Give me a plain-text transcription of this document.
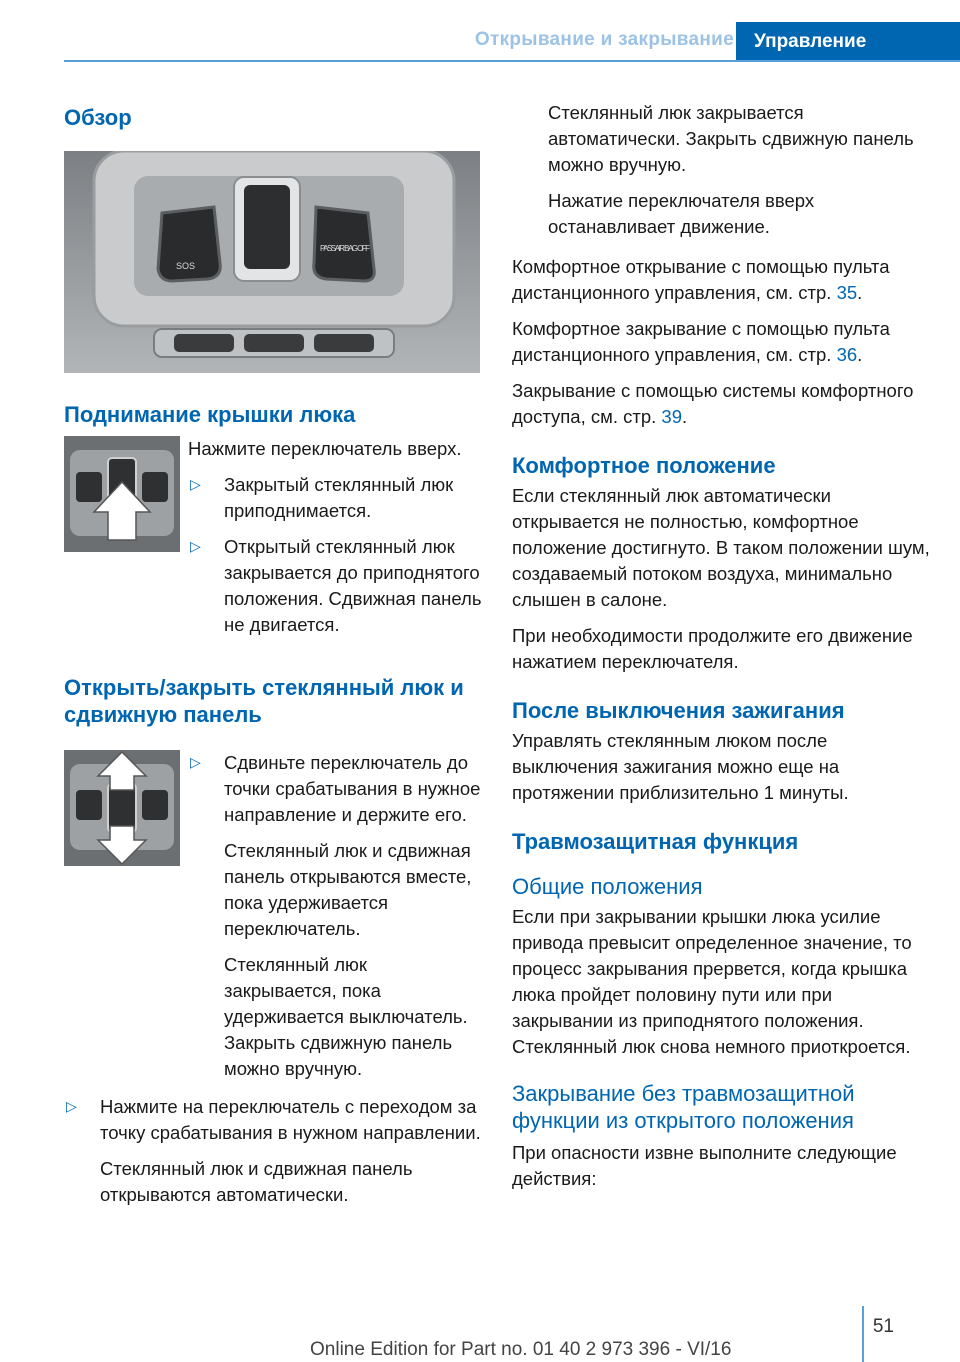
Открывание и закрывание	Управление
Обзор
SOS
PASS AIR BAG OFF
Поднимание крышки люка

Нажмите переключатель вверх.

▷ Закрытый стеклянный люк приподнимается.

▷ Открытый стеклянный люк закрывается до приподнятого положения. Сдвижная панель не двигается.

Открыть/закрыть стеклянный люк и сдвижную панель
▷ Сдвиньте переключатель до точки срабатывания в нужное направление и держите его.

Стеклянный люк и сдвижная панель открываются вместе, пока удерживается переключатель.

Стеклянный люк закрывается, пока удерживается выключатель. Закрыть сдвижную панель можно вручную.

▷ Нажмите на переключатель с переходом за точку срабатывания в нужном направлении.

Стеклянный люк и сдвижная панель открываются автоматически.

Стеклянный люк закрывается автоматически. Закрыть сдвижную панель можно вручную.

Нажатие переключателя вверх останавливает движение.

Комфортное открывание с помощью пульта дистанционного управления, см. стр. 35.

Комфортное закрывание с помощью пульта дистанционного управления, см. стр. 36.

Закрывание с помощью системы комфортного доступа, см. стр. 39.

Комфортное положение

Если стеклянный люк автоматически открывается не полностью, комфортное положение достигнуто. В таком положении шум, создаваемый потоком воздуха, минимально слышен в салоне.

При необходимости продолжите его движение нажатием переключателя.

После выключения зажигания

Управлять стеклянным люком после выключения зажигания можно еще на протяжении приблизительно 1 минуты.

Травмозащитная функция
Общие положения

Если при закрывании крышки люка усилие привода превысит определенное значение, то процесс закрывания прервется, когда крышка люка пройдет половину пути или при закрывании из приподнятого положения. Стеклянный люк снова немного приоткроется.

Закрывание без травмозащитной функции из открытого положения

При опасности извне выполните следующие действия:

51
Online Edition for Part no. 01 40 2 973 396 - VI/16
